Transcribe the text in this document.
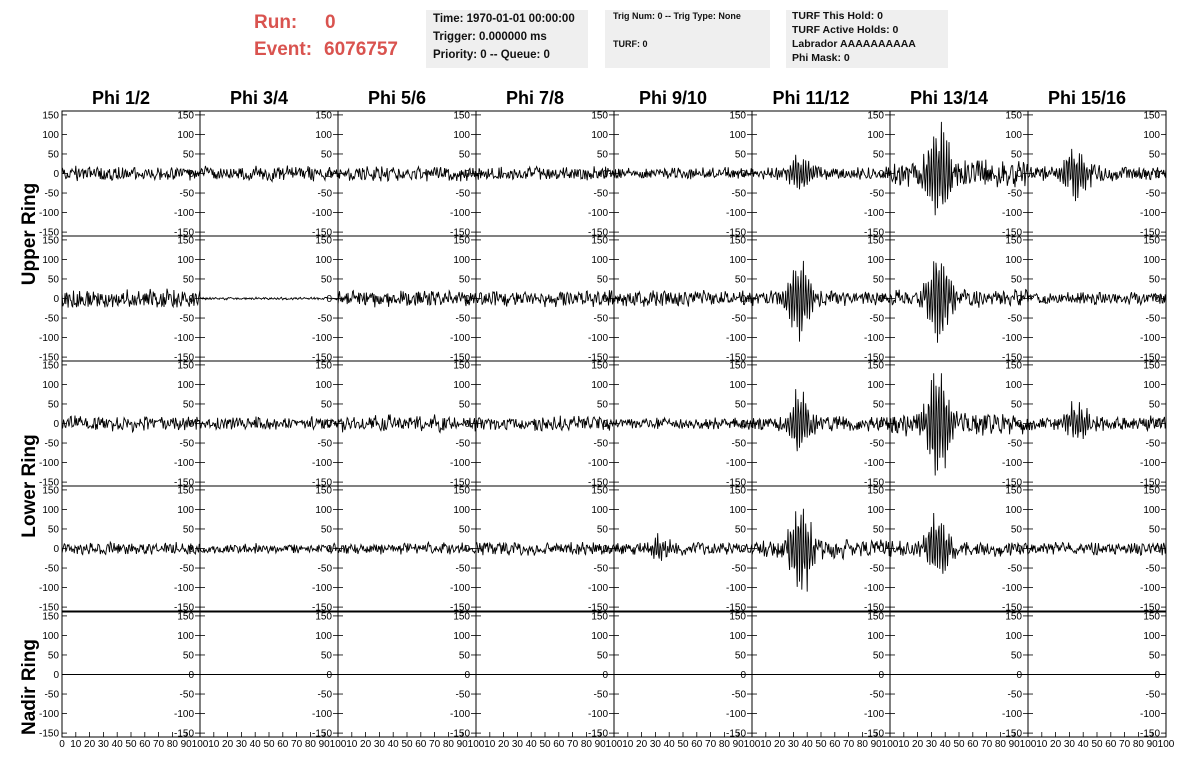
Run: 0
Event: 6076757
Time: 1970-01-01 00:00:00
Trigger: 0.000000 ms
Priority: 0 -- Queue: 0
Trig Num: 0 -- Trig Type: None
TURF: 0
TURF This Hold: 0
TURF Active Holds: 0
Labrador AAAAAAAAAA
Phi Mask: 0
Phi 1/2	Phi 3/4	Phi 5/6	Phi 7/8	Phi 9/10	Phi 11/12	Phi 13/14	Phi 15/16
Upper Ring
Lower Ring
Nadir Ring
150
150
100
100
50
50
0
0
-50
-50
-100
-100
-150
-150
150
100
50
0
-50
-100
-150
150
100
50
0
-50
-100
-150
150
100
50
0
-50
-100
-150
150
100
50
0
-50
-100
-150
150
100
50
0
-50
-100
-150
150
100
50
0
-50
-100
-150
150
100
50
0
-50
-100
-150
150
150
100
100
50
50
0
0
-50
-50
-100
-100
-150
-150
150
100
50
0
-50
-100
-150
150
100
50
0
-50
-100
-150
150
100
50
0
-50
-100
-150
150
100
50
0
-50
-100
-150
150
100
50
0
-50
-100
-150
150
100
50
0
-50
-100
-150
150
100
50
0
-50
-100
-150
150
150
100
100
50
50
0
0
-50
-50
-100
-100
-150
-150
150
100
50
0
-50
-100
-150
150
100
50
0
-50
-100
-150
150
100
50
0
-50
-100
-150
150
100
50
0
-50
-100
-150
150
100
50
0
-50
-100
-150
150
100
50
0
-50
-100
-150
150
100
50
0
-50
-100
-150
150
150
100
100
50
50
0
0
-50
-50
-100
-100
-150
-150
150
100
50
0
-50
-100
-150
150
100
50
0
-50
-100
-150
150
100
50
0
-50
-100
-150
150
100
50
0
-50
-100
-150
150
100
50
0
-50
-100
-150
150
100
50
0
-50
-100
-150
150
100
50
0
-50
-100
-150
150
150
100
100
50
50
0
0
-50
-50
-100
-100
-150
-150
0 10 20 30 40 50 60 70 80 90 100
150
100
50
0
-50
-100
-150
10 20 30 40 50 60 70 80 90 100
150
100
50
0
-50
-100
-150
10 20 30 40 50 60 70 80 90 100
150
100
50
0
-50
-100
-150
10 20 30 40 50 60 70 80 90 100
150
100
50
0
-50
-100
-150
10 20 30 40 50 60 70 80 90 100
150
100
50
0
-50
-100
-150
10 20 30 40 50 60 70 80 90 100
150
100
50
0
-50
-100
-150
10 20 30 40 50 60 70 80 90 100
150
100
50
0
-50
-100
-150
10 20 30 40 50 60 70 80 90 100
